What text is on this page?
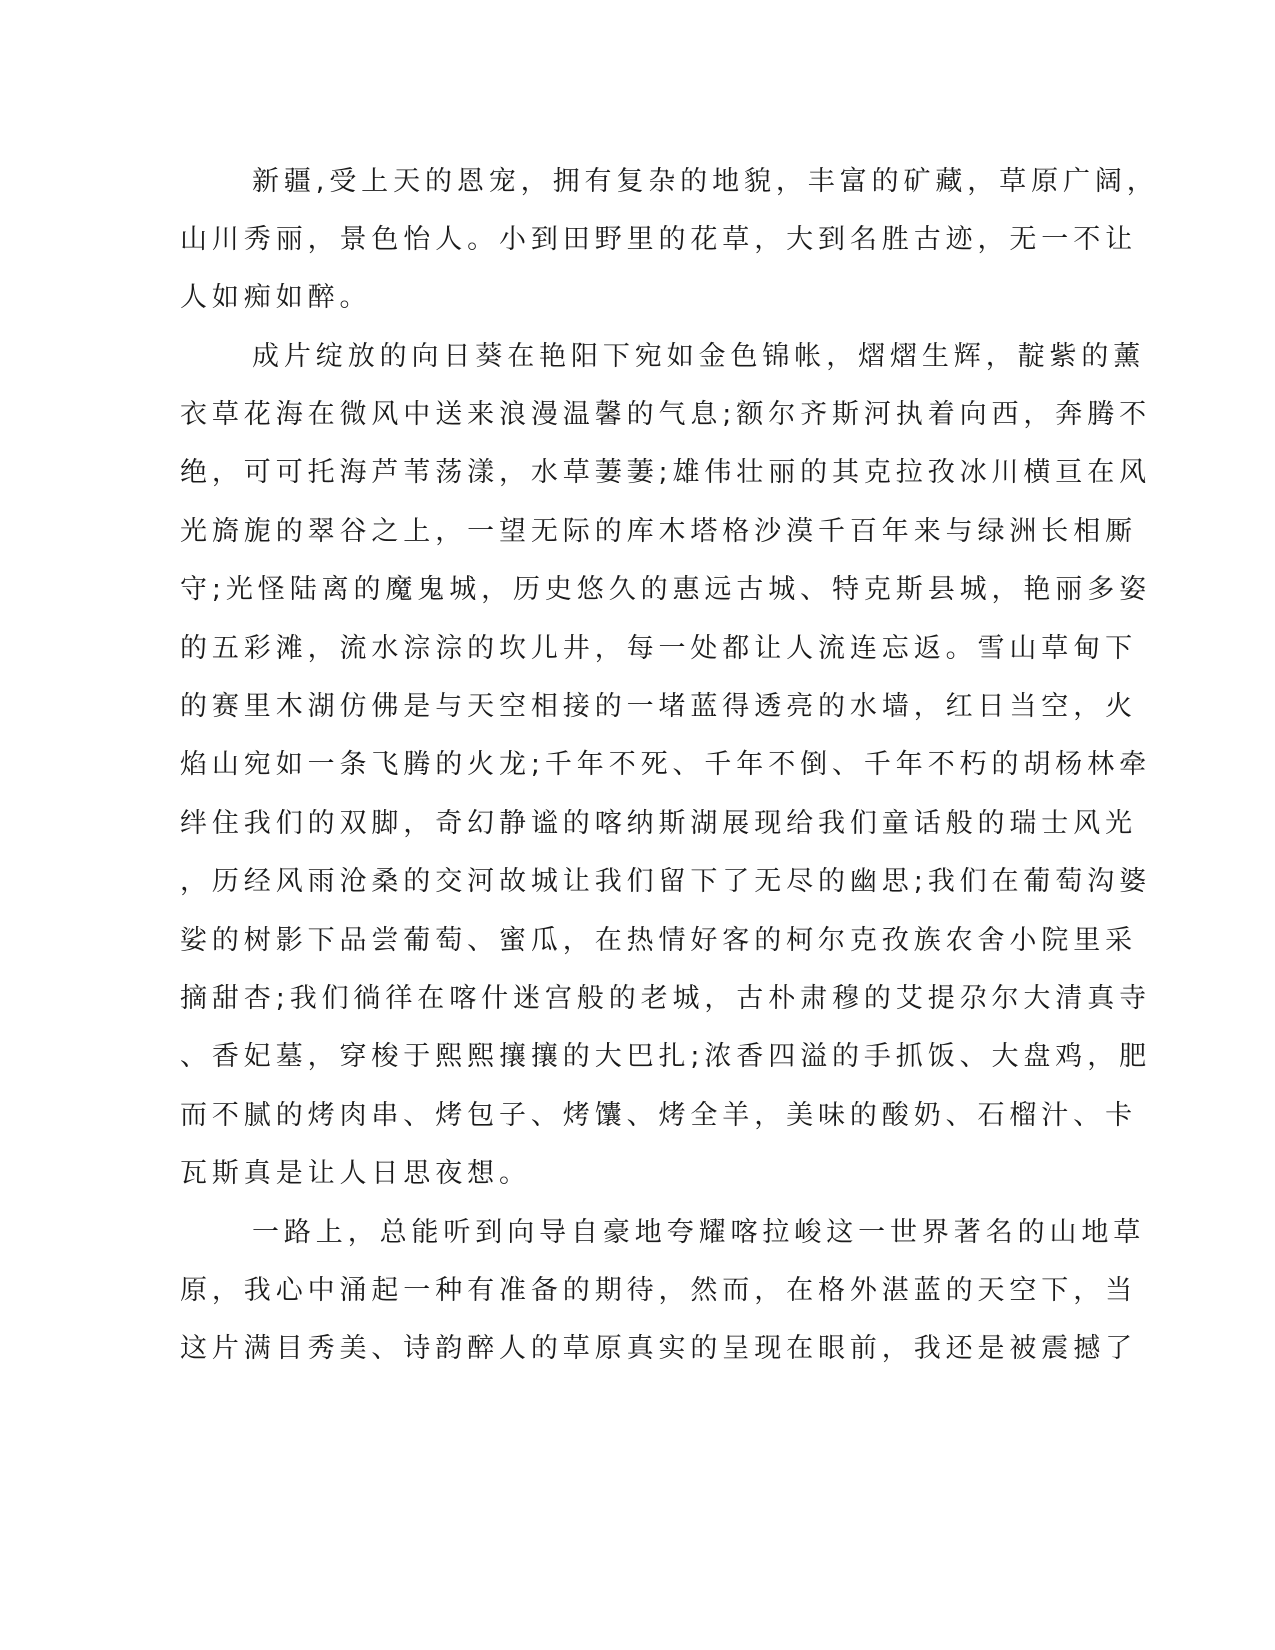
新疆,受上天的恩宠，拥有复杂的地貌，丰富的矿藏，草原广阔，
山川秀丽，景色怡人。小到田野里的花草，大到名胜古迹，无一不让
人如痴如醉。
成片绽放的向日葵在艳阳下宛如金色锦帐，熠熠生辉，靛紫的薰
衣草花海在微风中送来浪漫温馨的气息;额尔齐斯河执着向西，奔腾不
绝，可可托海芦苇荡漾，水草萋萋;雄伟壮丽的其克拉孜冰川横亘在风
光旖旎的翠谷之上，一望无际的库木塔格沙漠千百年来与绿洲长相厮
守;光怪陆离的魔鬼城，历史悠久的惠远古城、特克斯县城，艳丽多姿
的五彩滩，流水淙淙的坎儿井，每一处都让人流连忘返。雪山草甸下
的赛里木湖仿佛是与天空相接的一堵蓝得透亮的水墙，红日当空，火
焰山宛如一条飞腾的火龙;千年不死、千年不倒、千年不朽的胡杨林牵
绊住我们的双脚，奇幻静谧的喀纳斯湖展现给我们童话般的瑞士风光
，历经风雨沧桑的交河故城让我们留下了无尽的幽思;我们在葡萄沟婆
娑的树影下品尝葡萄、蜜瓜，在热情好客的柯尔克孜族农舍小院里采
摘甜杏;我们徜徉在喀什迷宫般的老城，古朴肃穆的艾提尕尔大清真寺
、香妃墓，穿梭于熙熙攘攘的大巴扎;浓香四溢的手抓饭、大盘鸡，肥
而不腻的烤肉串、烤包子、烤馕、烤全羊，美味的酸奶、石榴汁、卡
瓦斯真是让人日思夜想。
一路上，总能听到向导自豪地夸耀喀拉峻这一世界著名的山地草
原，我心中涌起一种有准备的期待，然而，在格外湛蓝的天空下，当
这片满目秀美、诗韵醉人的草原真实的呈现在眼前，我还是被震撼了
